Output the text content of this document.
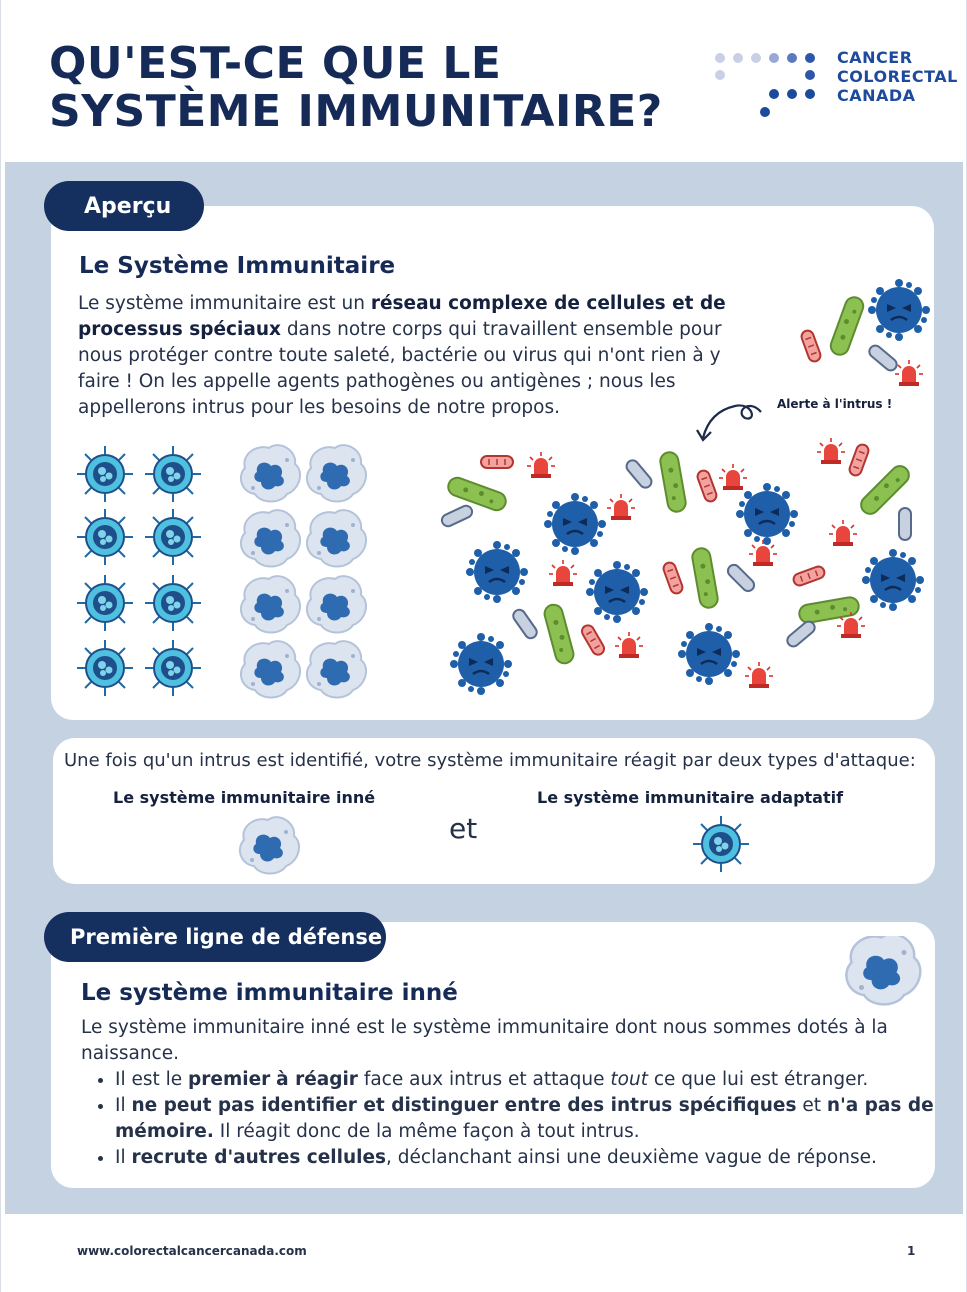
QU'EST-CE QUE LE
SYSTÈME IMMUNITAIRE?
CANCER
COLORECTAL
CANADA
Aperçu
Le Système Immunitaire
Le système immunitaire est un réseau complexe de cellules et de processus spéciaux dans notre corps qui travaillent ensemble pour nous protéger contre toute saleté, bactérie ou virus qui n'ont rien à y faire ! On les appelle agents pathogènes ou antigènes ; nous les appellerons intrus pour les besoins de notre propos.	Alerte à l'intrus !
Une fois qu'un intrus est identifié, votre système immunitaire réagit par deux types d'attaque:
Le système immunitaire inné	Le système immunitaire adaptatif
et
Première ligne de défense
Le système immunitaire inné
Le système immunitaire inné est le système immunitaire dont nous sommes dotés à la naissance.
• Il est le premier à réagir face aux intrus et attaque tout ce que lui est étranger.
• Il ne peut pas identifier et distinguer entre des intrus spécifiques et n'a pas de mémoire. Il réagit donc de la même façon à tout intrus.
• Il recrute d'autres cellules, déclanchant ainsi une deuxième vague de réponse.
www.colorectalcancercanada.com	1
